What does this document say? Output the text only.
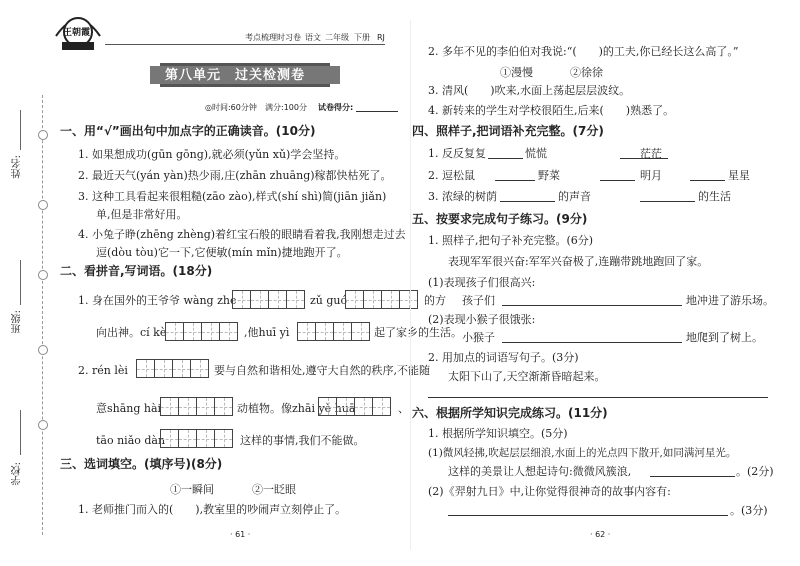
姓名:
班级:
学校:
王朝霞	考点梳理时习卷 语文 二年级 下册 RJ
第八单元　过关检测卷
◎时间:60分钟 满分:100分 试卷得分:
一、用“√”画出句中加点字的正确读音。(10分)
1. 如果想成功(gūn gōng),就必须(yǔn xǔ)学会坚持。
2. 最近天气(yán yàn)热少雨,庄(zhān zhuāng)稼都快枯死了。
3. 这种工具看起来很粗糙(zāo zào),样式(shí shì)简(jiān jiǎn)
单,但是非常好用。
4. 小兔子睁(zhēng zhèng)着红宝石般的眼睛看着我,我刚想走过去
逗(dòu tòu)它一下,它便敏(mín mǐn)捷地跑开了。
二、看拼音,写词语。(18分)
1. 身在国外的王爷爷 wàng zhe	zǔ guó	的方
向出神。cí kè	,他huī yì	起了家乡的生活。
2. rén lèi	要与自然和谐相处,遵守大自然的秩序,不能随
意shāng hài	动植物。像zhāi yě huā	、
tāo niǎo dàn	这样的事情,我们不能做。
三、选词填空。(填序号)(8分)
①一瞬间	②一眨眼
1. 老师推门而入的(　　),教室里的吵闹声立刻停止了。
· 61 ·
2. 多年不见的李伯伯对我说:“(　　)的工夫,你已经长这么高了。”
①漫慢	②徐徐
3. 清风(　　)吹来,水面上荡起层层波纹。
4. 新转来的学生对学校很陌生,后来(　　)熟悉了。
四、照样子,把词语补充完整。(7分)
1. 反反复复	慌慌	茫茫
2. 逗松鼠	野菜	明月	星星
3. 浓绿的树荫	的声音	的生活
五、按要求完成句子练习。(9分)
1. 照样子,把句子补充完整。(6分)
表现军军很兴奋:军军兴奋极了,连蹦带跳地跑回了家。
(1)表现孩子们很高兴:
孩子们	地冲进了游乐场。
(2)表现小猴子很饿张:
小猴子	地爬到了树上。
2. 用加点的词语写句子。(3分)
太阳下山了,天空渐渐昏暗起来。
六、根据所学知识完成练习。(11分)
1. 根据所学知识填空。(5分)
(1)微风轻拂,吹起层层细浪,水面上的光点四下散开,如同满河星光。
这样的美景让人想起诗句:微微风簇浪,	。(2分)
(2)《羿射九日》中,让你觉得很神奇的故事内容有:
。(3分)
· 62 ·
